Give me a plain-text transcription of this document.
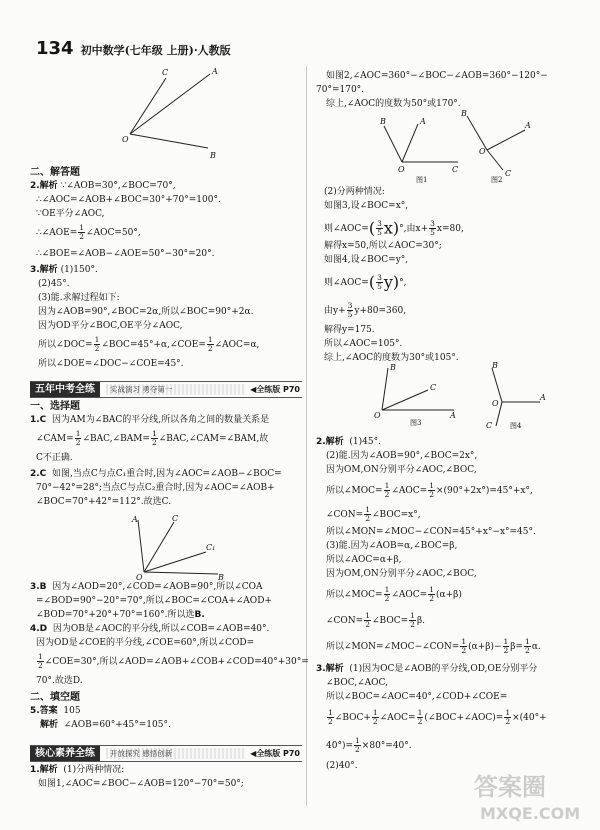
134 初中数学(七年级 上册)·人教版
C	A
O
B
二、解答题
2.解析 ∵∠AOB=30°,∠BOC=70°,
∴∠AOC=∠AOB+∠BOC=30°+70°=100°.
∵OE平分∠AOC,
∴∠AOE= $\frac{1}{2}$ ∠AOC=50°,
∴∠BOE=∠AOB−∠AOE=50°−30°=20°.
3.解析 (1)150°.
(2)45°.
(3)能.求解过程如下:
因为∠AOB=90°,∠BOC=2α,所以∠BOC=90°+2α.
因为OD平分∠BOC,OE平分∠AOC,
所以∠DOC= $\frac{1}{2}$ ∠BOC=45°+α,∠COE= $\frac{1}{2}$ ∠AOC=α,
所以∠DOE=∠DOC−∠COE=45°.
一、选择题
1.C 因为AM为∠BAC的平分线,所以各角之间的数量关系是
∠CAM= $\frac{1}{2}$ ∠BAC,∠BAM= $\frac{1}{2}$ ∠BAC,∠CAM=∠BAM,故
C不正确.
2.C 如图,当点C与点C₁重合时,因为∠AOC=∠AOB−∠BOC=
70°−42°=28°;当点C与点C₂重合时,因为∠AOC=∠AOB+
∠BOC=70°+42°=112°.故选C.
五年中考全练	实战演习 勇夺第一	◀全练版 P70
A	C
C₁
O	B
3.B 因为∠AOD=20°,∠COD=∠AOB=90°,所以∠COA
=∠BOD=90°−20°=70°,所以∠BOC=∠COA+∠AOD+
∠BOD=70°+20°+70°=160°.所以选B.
4.D 因为OB是∠AOC的平分线,所以∠COB=∠AOB=40°.
因为OD是∠COE的平分线,∠COE=60°,所以∠COD=
$\frac{1}{2}$ ∠COE=30°,所以∠AOD=∠AOB+∠COB+∠COD=40°+30°=
70°.故选D.
二、填空题
5.答案 105
解析 ∠AOB=60°+45°=105°.
1.解析 (1)分两种情况:
如图1,∠AOC=∠BOC−∠AOB=120°−70°=50°;
核心素养全练	开放探究 感悟创新	◀全练版 P70
如图2,∠AOC=360°−∠BOC−∠AOB=360°−120°−
70°=170°.
综上,∠AOC的度数为50°或170°.
B	A
O	C
图1
B
A
O
C
图2
(2)分两种情况:
如图3,设∠BOC=x°,
则∠AOC=( $\frac{3}{5} x)^\circ$,由$x+ \frac{3}{5} x=80$,
解得x=50,所以∠AOC=30°;
如图4,设∠BOC=y°,
则∠AOC=( $\frac{3}{5} y)^\circ$,
由$y+ \frac{3}{5} y+80=360$,
解得y=175.
所以∠AOC=105°.
综上,∠AOC的度数为30°或105°.
B
C
O	A
图3
B
O
A
C	图4
2.解析 (1)45°.
(2)能.因为∠AOB=90°,∠BOC=2x°,
因为OM,ON分别平分∠AOC,∠BOC,
所以∠MOC= $\frac{1}{2}$ ∠AOC= $\frac{1}{2} \times(90^\circ+2x^\circ)=45^\circ+x^\circ$,
∠CON= $\frac{1}{2}$ ∠BOC=x°,
所以∠MON=∠MOC−∠CON=45°+x°−x°=45°.
(3)能.因为∠AOB=α,∠BOC=β,
所以∠AOC=α+β,
因为OM,ON分别平分∠AOC,∠BOC,
所以∠MOC= $\frac{1}{2}$ ∠AOC= $\frac{1}{2} (\alpha+\beta)$
∠CON= $\frac{1}{2}$ ∠BOC= $\frac{1}{2} \beta$.
所以∠MON=∠MOC−∠CON= $\frac{1}{2} (\alpha+\beta)- \frac{1}{2} \beta= \frac{1}{2} \alpha$.
3.解析 (1)因为OC是∠AOB的平分线,OD,OE分别平分
∠BOC,∠AOC,
所以∠BOC=∠AOC=40°,∠COD+∠COE=
$\frac{1}{2}$ ∠BOC+ $\frac{1}{2}$ ∠AOC= $\frac{1}{2}$ (∠BOC+∠AOC)= $\frac{1}{2} \times(40^\circ+$
$40^\circ)= \frac{1}{2} \times 80^\circ=40^\circ$.
(2)40°.
答案圈
MXQE.COM
